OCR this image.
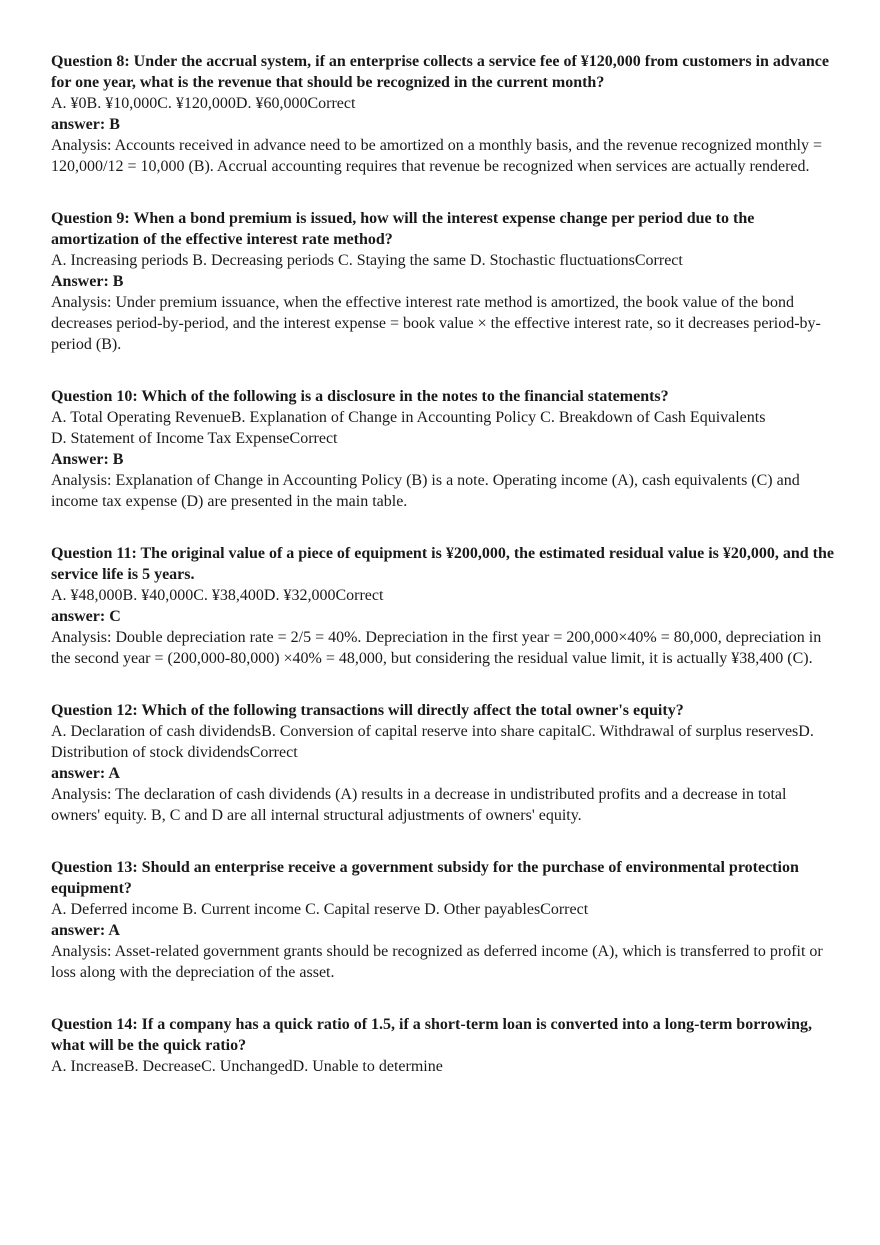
Question 8: Under the accrual system, if an enterprise collects a service fee of ¥120,000 from customers in advance for one year, what is the revenue that should be recognized in the current month?

A. ¥0B. ¥10,000C. ¥120,000D. ¥60,000Correct

answer: B

Analysis: Accounts received in advance need to be amortized on a monthly basis, and the revenue recognized monthly = 120,000/12 = 10,000 (B). Accrual accounting requires that revenue be recognized when services are actually rendered.

Question 9: When a bond premium is issued, how will the interest expense change per period due to the amortization of the effective interest rate method?

A. Increasing periods B. Decreasing periods C. Staying the same D. Stochastic fluctuationsCorrect

Answer: B

Analysis: Under premium issuance, when the effective interest rate method is amortized, the book value of the bond decreases period-by-period, and the interest expense = book value × the effective interest rate, so it decreases period-by-period (B).

Question 10: Which of the following is a disclosure in the notes to the financial statements?

A. Total Operating RevenueB. Explanation of Change in Accounting Policy C. Breakdown of Cash Equivalents

D. Statement of Income Tax ExpenseCorrect

Answer: B

Analysis: Explanation of Change in Accounting Policy (B) is a note. Operating income (A), cash equivalents (C) and income tax expense (D) are presented in the main table.

Question 11: The original value of a piece of equipment is ¥200,000, the estimated residual value is ¥20,000, and the service life is 5 years.

A. ¥48,000B. ¥40,000C. ¥38,400D. ¥32,000Correct

answer: C

Analysis: Double depreciation rate = 2/5 = 40%. Depreciation in the first year = 200,000×40% = 80,000, depreciation in the second year = (200,000-80,000) ×40% = 48,000, but considering the residual value limit, it is actually ¥38,400 (C).

Question 12: Which of the following transactions will directly affect the total owner's equity?

A. Declaration of cash dividendsB. Conversion of capital reserve into share capitalC. Withdrawal of surplus reservesD. Distribution of stock dividendsCorrect

answer: A

Analysis: The declaration of cash dividends (A) results in a decrease in undistributed profits and a decrease in total owners' equity. B, C and D are all internal structural adjustments of owners' equity.

Question 13: Should an enterprise receive a government subsidy for the purchase of environmental protection equipment?

A. Deferred income B. Current income C. Capital reserve D. Other payablesCorrect

answer: A

Analysis: Asset-related government grants should be recognized as deferred income (A), which is transferred to profit or loss along with the depreciation of the asset.

Question 14: If a company has a quick ratio of 1.5, if a short-term loan is converted into a long-term borrowing, what will be the quick ratio?

A. IncreaseB. DecreaseC. UnchangedD. Unable to determine
